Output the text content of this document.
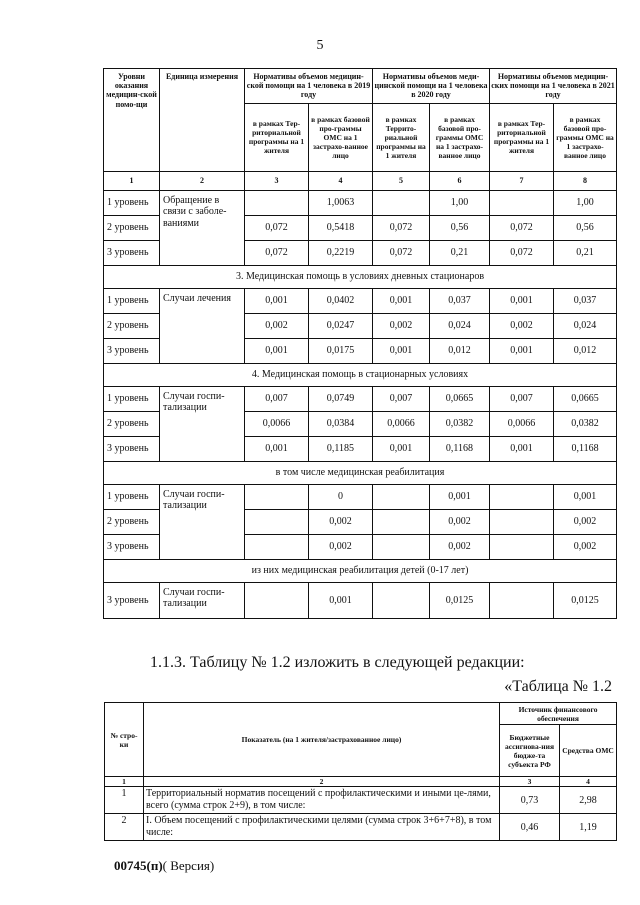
5
Уровни оказания медицин-ской помо-щи	Единица измерения	Нормативы объемов медицин-ской помощи на 1 человека в 2019 году		Нормативы объемов меди-цинской помощи на 1 человека в 2020 году		Нормативы объемов медицин-ских помощи на 1 человека в 2021 году	
		в рамках Тер-риториальной программы на 1 жителя	в рамках базовой про-граммы ОМС на 1 застрахо-ванное лицо	в рамках Террито-риальной программы на 1 жителя	в рамках базовой про-граммы ОМС на 1 застрахо-ванное лицо	в рамках Тер-риториальной программы на 1 жителя	в рамках базовой про-граммы ОМС на 1 застрахо-ванное лицо
1	2	3	4	5	6	7	8
1 уровень	Обращение в связи с заболе-ваниями		1,0063		1,00		1,00
2 уровень		0,072	0,5418	0,072	0,56	0,072	0,56
3 уровень		0,072	0,2219	0,072	0,21	0,072	0,21
3. Медицинская помощь в условиях дневных стационаров							
1 уровень	Случаи лечения	0,001	0,0402	0,001	0,037	0,001	0,037
2 уровень		0,002	0,0247	0,002	0,024	0,002	0,024
3 уровень		0,001	0,0175	0,001	0,012	0,001	0,012
4. Медицинская помощь в стационарных условиях							
1 уровень	Случаи госпи-тализации	0,007	0,0749	0,007	0,0665	0,007	0,0665
2 уровень		0,0066	0,0384	0,0066	0,0382	0,0066	0,0382
3 уровень		0,001	0,1185	0,001	0,1168	0,001	0,1168
в том числе медицинская реабилитация							
1 уровень	Случаи госпи-тализации		0		0,001		0,001
2 уровень			0,002		0,002		0,002
3 уровень			0,002		0,002		0,002
из них медицинская реабилитация детей (0-17 лет)							
3 уровень	Случаи госпи-тализации		0,001		0,0125		0,0125
1.1.3. Таблицу № 1.2 изложить в следующей редакции:
«Таблица № 1.2
№ стро-ки	Показатель (на 1 жителя/застрахованное лицо)	Источник финансового обеспечения	
		Бюджетные ассигнова-ния бюдже-та субъекта РФ	Средства ОМС
1	2	3	4
1	Территориальный норматив посещений с профилактическими и иными це-лями, всего (сумма строк 2+9), в том числе:	0,73	2,98
2	I. Объем посещений с профилактическими целями (сумма строк 3+6+7+8), в том числе:	0,46	1,19
00745(п)( Версия)
